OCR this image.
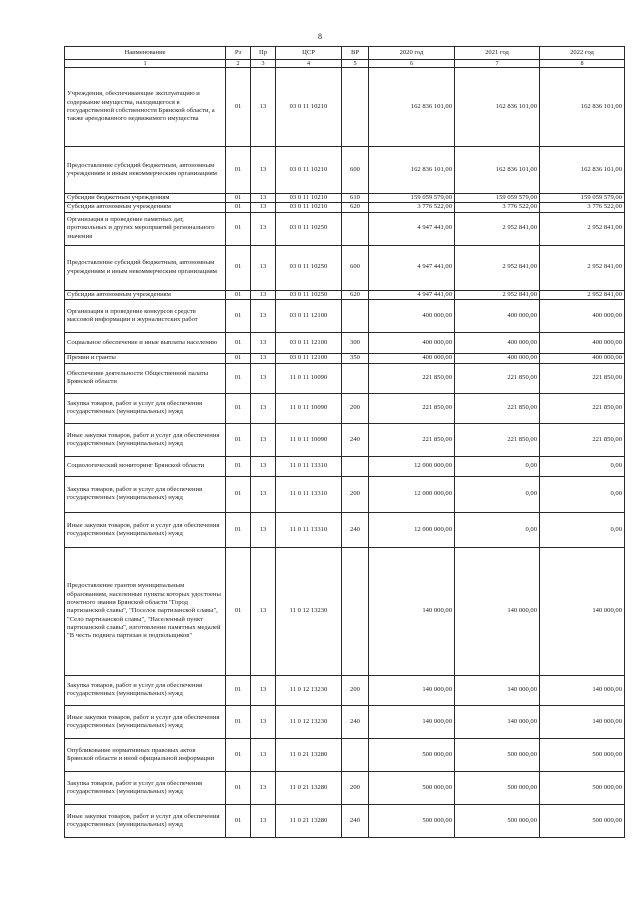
8
Наименование	Рз	Пр	ЦСР	ВР	2020 год	2021 год	2022 год
1	2	3	4	5	6	7	8
Учреждения, обеспечивающие эксплуатацию и содержание имущества, находящегося в государственной собственности Брянской области, а также арендованного недвижимого имущества	01	13	03 0 11 10210		162 836 101,00	162 836 101,00	162 836 101,00
Предоставление субсидий бюджетным, автономным учреждениям и иным некоммерческим организациям	01	13	03 0 11 10210	600	162 836 101,00	162 836 101,00	162 836 101,00
Субсидии бюджетным учреждениям	01	13	03 0 11 10210	610	159 059 579,00	159 059 579,00	159 059 579,00
Субсидии автономным учреждениям	01	13	03 0 11 10210	620	3 776 522,00	3 776 522,00	3 776 522,00
Организация и проведение памятных дат, протокольных и других мероприятий регионального значения	01	13	03 0 11 10250		4 947 441,00	2 952 841,00	2 952 841,00
Предоставление субсидий бюджетным, автономным учреждениям и иным некоммерческим организациям	01	13	03 0 11 10250	600	4 947 441,00	2 952 841,00	2 952 841,00
Субсидии автономным учреждениям	01	13	03 0 11 10250	620	4 947 441,00	2 952 841,00	2 952 841,00
Организация и проведение конкурсов средств массовой информации и журналистских работ	01	13	03 0 11 12100		400 000,00	400 000,00	400 000,00
Социальное обеспечение и иные выплаты населению	01	13	03 0 11 12100	300	400 000,00	400 000,00	400 000,00
Премии и гранты	01	13	03 0 11 12100	350	400 000,00	400 000,00	400 000,00
Обеспечение деятельности Общественной палаты Брянской области	01	13	11 0 11 10090		221 850,00	221 850,00	221 850,00
Закупка товаров, работ и услуг для обеспечения государственных (муниципальных) нужд	01	13	11 0 11 10090	200	221 850,00	221 850,00	221 850,00
Иные закупки товаров, работ и услуг для обеспечения государственных (муниципальных) нужд	01	13	11 0 11 10090	240	221 850,00	221 850,00	221 850,00
Социологический мониторинг Брянской области	01	13	11 0 11 13310		12 000 000,00	0,00	0,00
Закупка товаров, работ и услуг для обеспечения государственных (муниципальных) нужд	01	13	11 0 11 13310	200	12 000 000,00	0,00	0,00
Иные закупки товаров, работ и услуг для обеспечения государственных (муниципальных) нужд	01	13	11 0 11 13310	240	12 000 000,00	0,00	0,00
Предоставление грантов муниципальным образованиям, населенные пункты которых удостоены почетного звания Брянской области "Город партизанской славы", "Поселок партизанской славы", "Село партизанской славы", "Населенный пункт партизанской славы", изготовление памятных медалей "В честь подвига партизан и подпольщиков"	01	13	11 0 12 13230		140 000,00	140 000,00	140 000,00
Закупка товаров, работ и услуг для обеспечения государственных (муниципальных) нужд	01	13	11 0 12 13230	200	140 000,00	140 000,00	140 000,00
Иные закупки товаров, работ и услуг для обеспечения государственных (муниципальных) нужд	01	13	11 0 12 13230	240	140 000,00	140 000,00	140 000,00
Опубликование нормативных правовых актов Брянской области и иной официальной информации	01	13	11 0 21 13280		500 000,00	500 000,00	500 000,00
Закупка товаров, работ и услуг для обеспечения государственных (муниципальных) нужд	01	13	11 0 21 13280	200	500 000,00	500 000,00	500 000,00
Иные закупки товаров, работ и услуг для обеспечения государственных (муниципальных) нужд	01	13	11 0 21 13280	240	500 000,00	500 000,00	500 000,00
